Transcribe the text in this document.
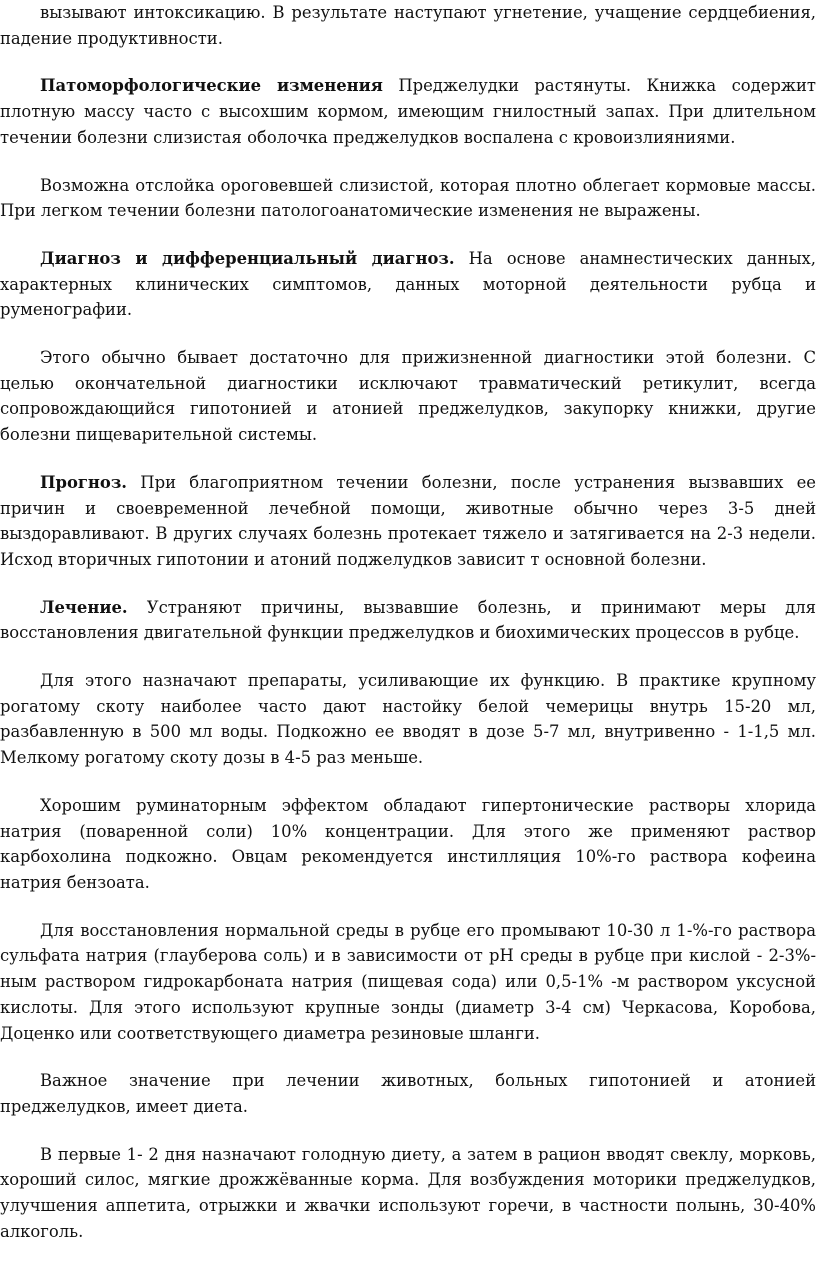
вызывают интоксикацию. В результате наступают угнетение, учащение сердцебиения, падение продуктивности.

Патоморфологические изменения Преджелудки растянуты. Книжка содержит плотную массу часто с высохшим кормом, имеющим гнилостный запах. При длительном течении болезни слизистая оболочка преджелудков воспалена с кровоизлияниями.

Возможна отслойка ороговевшей слизистой, которая плотно облегает кормовые массы. При легком течении болезни патологоанатомические изменения не выражены.

Диагноз и дифференциальный диагноз. На основе анамнестических данных, характерных клинических симптомов, данных моторной деятельности рубца и руменографии.

Этого обычно бывает достаточно для прижизненной диагностики этой болезни. С целью окончательной диагностики исключают травматический ретикулит, всегда сопровождающийся гипотонией и атонией преджелудков, закупорку книжки, другие болезни пищеварительной системы.

Прогноз. При благоприятном течении болезни, после устранения вызвавших ее причин и своевременной лечебной помощи, животные обычно через 3-5 дней выздоравливают. В других случаях болезнь протекает тяжело и затягивается на 2-3 недели. Исход вторичных гипотонии и атоний поджелудков зависит т основной болезни.

Лечение. Устраняют причины, вызвавшие болезнь, и принимают меры для восстановления двигательной функции преджелудков и биохимических процессов в рубце.

Для этого назначают препараты, усиливающие их функцию. В практике крупному рогатому скоту наиболее часто дают настойку белой чемерицы внутрь 15-20 мл, разбавленную в 500 мл воды. Подкожно ее вводят в дозе 5-7 мл, внутривенно - 1-1,5 мл. Мелкому рогатому скоту дозы в 4-5 раз меньше.

Хорошим руминаторным эффектом обладают гипертонические растворы хлорида натрия (поваренной соли) 10% концентрации. Для этого же применяют раствор карбохолина подкожно. Овцам рекомендуется инстилляция 10%-го раствора кофеина натрия бензоата.

Для восстановления нормальной среды в рубце его промывают 10-30 л 1-%-го раствора сульфата натрия (глауберова соль) и в зависимости от рН среды в рубце при кислой - 2-3%-ным раствором гидрокарбоната натрия (пищевая сода) или 0,5-1% -м раствором уксусной кислоты. Для этого используют крупные зонды (диаметр 3-4 см) Черкасова, Коробова, Доценко или соответствующего диаметра резиновые шланги.

Важное значение при лечении животных, больных гипотонией и атонией преджелудков, имеет диета.

В первые 1- 2 дня назначают голодную диету, а затем в рацион вводят свеклу, морковь, хороший силос, мягкие дрожжёванные корма. Для возбуждения моторики преджелудков, улучшения аппетита, отрыжки и жвачки используют горечи, в частности полынь, 30-40% алкоголь.
